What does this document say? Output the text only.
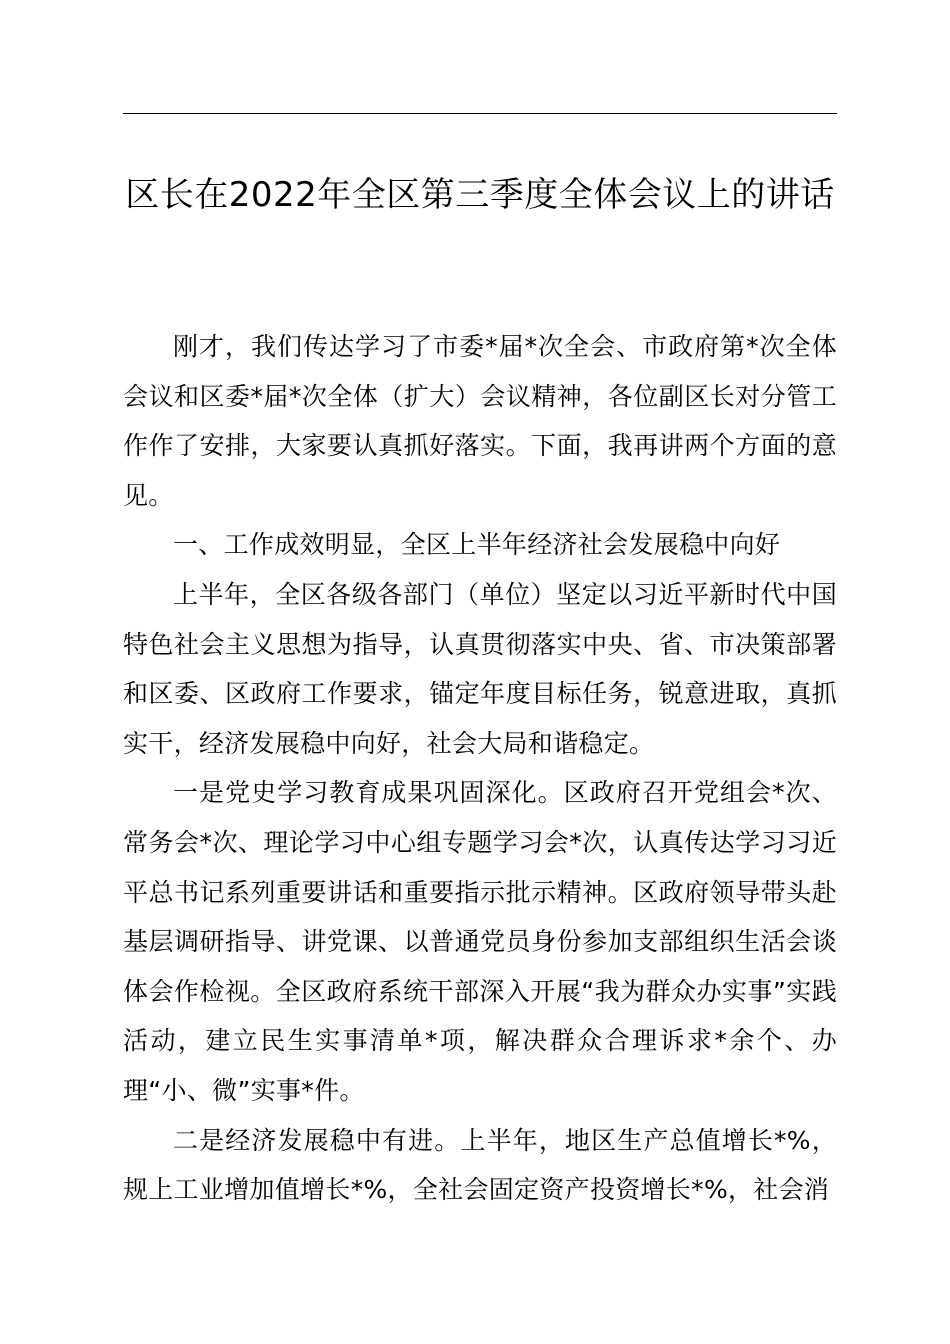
区长在2022年全区第三季度全体会议上的讲话

刚才，我们传达学习了市委*届*次全会、市政府第*次全体会议和区委*届*次全体（扩大）会议精神，各位副区长对分管工作作了安排，大家要认真抓好落实。下面，我再讲两个方面的意见。

一、工作成效明显，全区上半年经济社会发展稳中向好

上半年，全区各级各部门（单位）坚定以习近平新时代中国特色社会主义思想为指导，认真贯彻落实中央、省、市决策部署和区委、区政府工作要求，锚定年度目标任务，锐意进取，真抓实干，经济发展稳中向好，社会大局和谐稳定。

一是党史学习教育成果巩固深化。区政府召开党组会*次、常务会*次、理论学习中心组专题学习会*次，认真传达学习习近平总书记系列重要讲话和重要指示批示精神。区政府领导带头赴基层调研指导、讲党课、以普通党员身份参加支部组织生活会谈体会作检视。全区政府系统干部深入开展“我为群众办实事”实践活动，建立民生实事清单*项，解决群众合理诉求*余个、办理“小、微”实事*件。

二是经济发展稳中有进。上半年，地区生产总值增长*%，规上工业增加值增长*%，全社会固定资产投资增长*%，社会消
